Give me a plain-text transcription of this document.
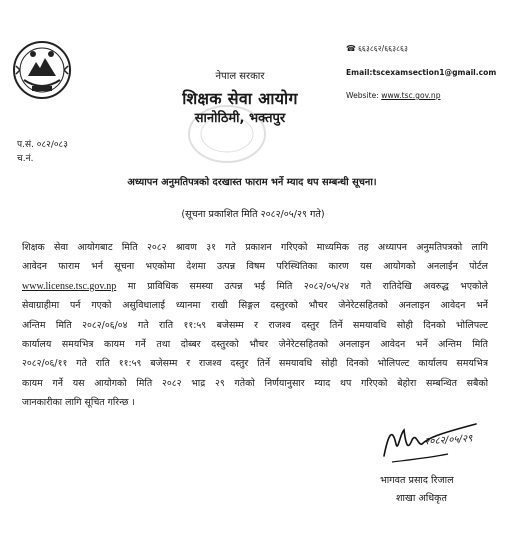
नेपाल सरकार
शिक्षक सेवा आयोग
सानोठिमी, भक्तपुर
☎ ६६३८६२/६६३८६३
Email:tscexamsection1@gmail.com
Website: www.tsc.gov.np
प.सं. ०८२/०८३
च.नं.
अध्यापन अनुमतिपत्रको दरखास्त फाराम भर्ने म्याद थप सम्बन्धी सूचना।
(सूचना प्रकाशित मिति २०८२/०५/२९ गते)
शिक्षक सेवा आयोगबाट मिति २०८२ श्रावण ३१ गते प्रकाशन गरिएको माध्यमिक तह अध्यापन अनुमतिपत्रको लागि
आवेदन फाराम भर्न सूचना भएकोमा देशमा उत्पन्न विषम परिस्थितिका कारण यस आयोगको अनलाईन पोर्टल
www.license.tsc.gov.np मा प्राविधिक समस्या उत्पन्न भई मिति २०८२/०५/२४ गते रातिदेखि अवरुद्ध भएकोले
सेवाग्राहीमा पर्न गएको असुविधालाई ध्यानमा राखी सिङ्गल दस्तुरको भौचर जेनेरेटसहितको अनलाइन आवेदन भर्ने
अन्तिम मिति २०८२/०६/०४ गते राति ११:५९ बजेसम्म र राजश्व दस्तुर तिर्ने समयावधि सोही दिनको भोलिपल्ट
कार्यालय समयभित्र कायम गर्ने तथा दोब्बर दस्तुरको भौचर जेनेरेटसहितको अनलाइन आवेदन भर्ने अन्तिम मिति
२०८२/०६/११ गते राति ११:५९ बजेसम्म र राजश्व दस्तुर तिर्ने समयावधि सोही दिनको भोलिपल्ट कार्यालय समयभित्र
कायम गर्ने यस आयोगको मिति २०८२ भाद्र २९ गतेको निर्णयानुसार म्याद थप गरिएको बेहोरा सम्बन्धित सबैको
जानकारीका लागि सूचित गरिन्छ ।
२०८२/०५/२९
भागवत प्रसाद रिजाल
शाखा अधिकृत
